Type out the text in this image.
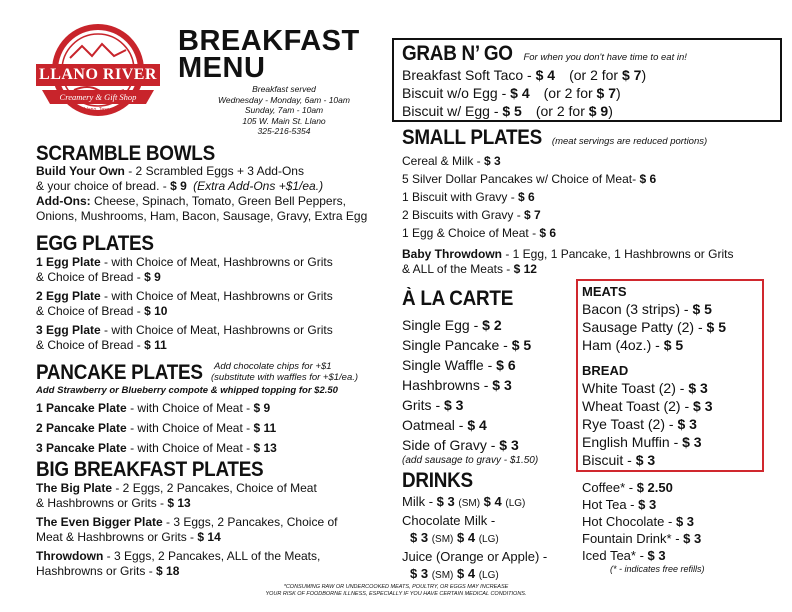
LLANO RIVER
Creamery & Gift Shop
Llano, Texas
BREAKFAST
MENU
Breakfast served
Wednesday - Monday, 6am - 10am
Sunday, 7am - 10am
105 W. Main St. Llano
325-216-5354
SCRAMBLE BOWLS
Build Your Own - 2 Scrambled Eggs + 3 Add-Ons
& your choice of bread. - $ 9 (Extra Add-Ons +$1/ea.)
Add-Ons: Cheese, Spinach, Tomato, Green Bell Peppers,
Onions, Mushrooms, Ham, Bacon, Sausage, Gravy, Extra Egg
EGG PLATES
1 Egg Plate - with Choice of Meat, Hashbrowns or Grits
& Choice of Bread - $ 9
2 Egg Plate - with Choice of Meat, Hashbrowns or Grits
& Choice of Bread - $ 10
3 Egg Plate - with Choice of Meat, Hashbrowns or Grits
& Choice of Bread - $ 11
PANCAKE PLATES	Add chocolate chips for +$1
(substitute with waffles for +$1/ea.)
Add Strawberry or Blueberry compote & whipped topping for $2.50
1 Pancake Plate - with Choice of Meat - $ 9
2 Pancake Plate - with Choice of Meat - $ 11
3 Pancake Plate - with Choice of Meat - $ 13
BIG BREAKFAST PLATES
The Big Plate - 2 Eggs, 2 Pancakes, Choice of Meat
& Hashbrowns or Grits - $ 13
The Even Bigger Plate - 3 Eggs, 2 Pancakes, Choice of
Meat & Hashbrowns or Grits - $ 14
Throwdown - 3 Eggs, 2 Pancakes, ALL of the Meats,
Hashbrowns or Grits - $ 18
GRAB N’ GO For when you don't have time to eat in!
Breakfast Soft Taco - $ 4 (or 2 for $ 7)
Biscuit w/o Egg - $ 4 (or 2 for $ 7)
Biscuit w/ Egg - $ 5 (or 2 for $ 9)
SMALL PLATES (meat servings are reduced portions)
Cereal & Milk - $ 3
5 Silver Dollar Pancakes w/ Choice of Meat- $ 6
1 Biscuit with Gravy - $ 6
2 Biscuits with Gravy - $ 7
1 Egg & Choice of Meat - $ 6
Baby Throwdown - 1 Egg, 1 Pancake, 1 Hashbrowns or Grits
& ALL of the Meats - $ 12
À LA CARTE
Single Egg - $ 2
Single Pancake - $ 5
Single Waffle - $ 6
Hashbrowns - $ 3
Grits - $ 3
Oatmeal - $ 4
Side of Gravy - $ 3
(add sausage to gravy - $1.50)
MEATS
Bacon (3 strips) - $ 5
Sausage Patty (2) - $ 5
Ham (4oz.) - $ 5
BREAD
White Toast (2) - $ 3
Wheat Toast (2) - $ 3
Rye Toast (2) - $ 3
English Muffin - $ 3
Biscuit - $ 3
DRINKS
Milk - $ 3 (SM) $ 4 (LG)
Chocolate Milk -
$ 3 (SM) $ 4 (LG)
Juice (Orange or Apple) -
$ 3 (SM) $ 4 (LG)
Coffee* - $ 2.50
Hot Tea - $ 3
Hot Chocolate - $ 3
Fountain Drink* - $ 3
Iced Tea* - $ 3
(* - indicates free refills)
*CONSUMING RAW OR UNDERCOOKED MEATS, POULTRY, OR EGGS MAY INCREASE
YOUR RISK OF FOODBORNE ILLNESS, ESPECIALLY IF YOU HAVE CERTAIN MEDICAL CONDITIONS.
